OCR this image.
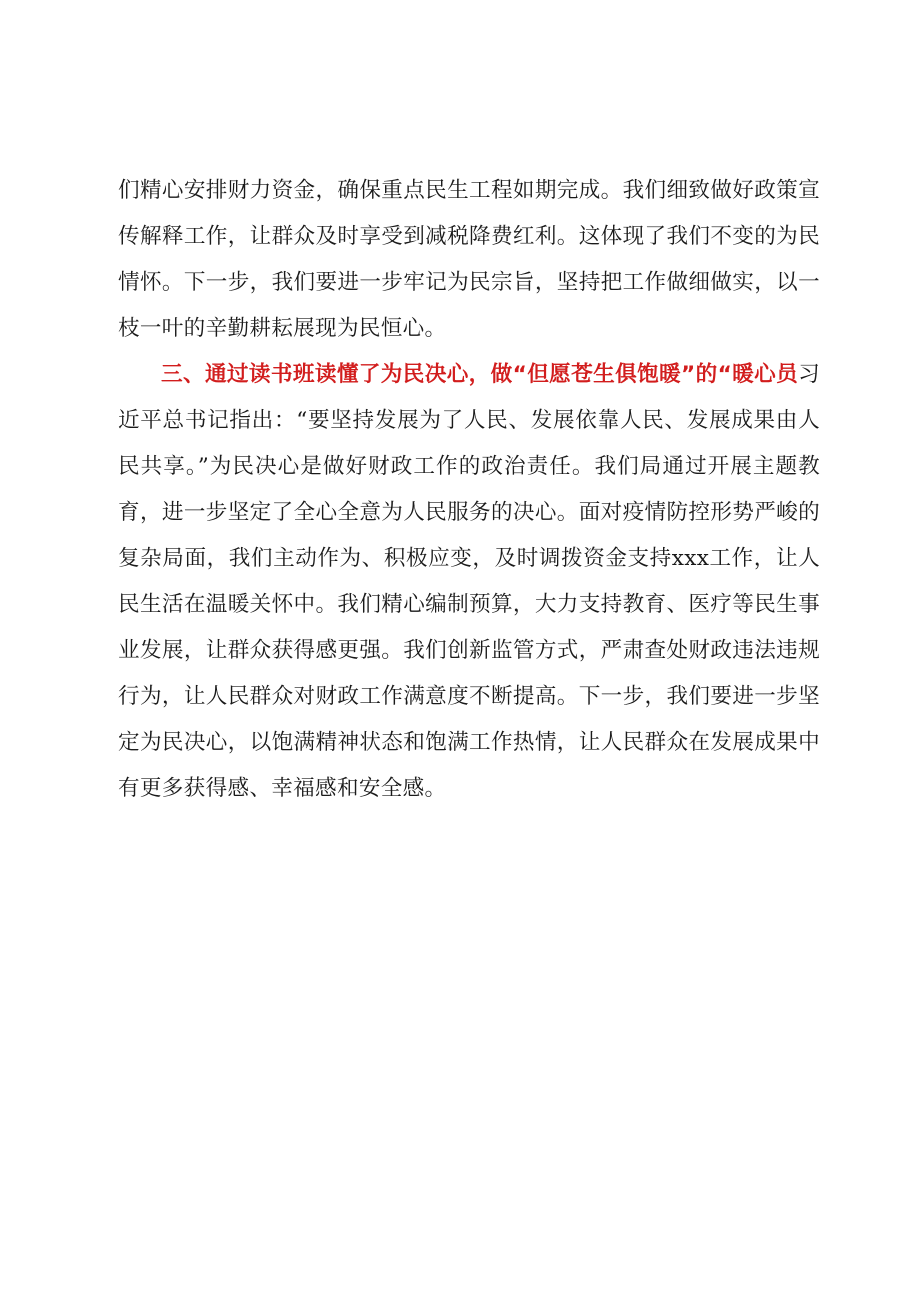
们精心安排财力资金，确保重点民生工程如期完成。我们细致做好政策宣传解释工作，让群众及时享受到减税降费红利。这体现了我们不变的为民情怀。下一步，我们要进一步牢记为民宗旨，坚持把工作做细做实，以一枝一叶的辛勤耕耘展现为民恒心。

三、通过读书班读懂了为民决心，做“但愿苍生俱饱暖”的“暖心员习近平总书记指出：“要坚持发展为了人民、发展依靠人民、发展成果由人民共享。”为民决心是做好财政工作的政治责任。我们局通过开展主题教育，进一步坚定了全心全意为人民服务的决心。面对疫情防控形势严峻的复杂局面，我们主动作为、积极应变，及时调拨资金支持xxx工作，让人民生活在温暖关怀中。我们精心编制预算，大力支持教育、医疗等民生事业发展，让群众获得感更强。我们创新监管方式，严肃查处财政违法违规行为，让人民群众对财政工作满意度不断提高。下一步，我们要进一步坚定为民决心，以饱满精神状态和饱满工作热情，让人民群众在发展成果中有更多获得感、幸福感和安全感。
